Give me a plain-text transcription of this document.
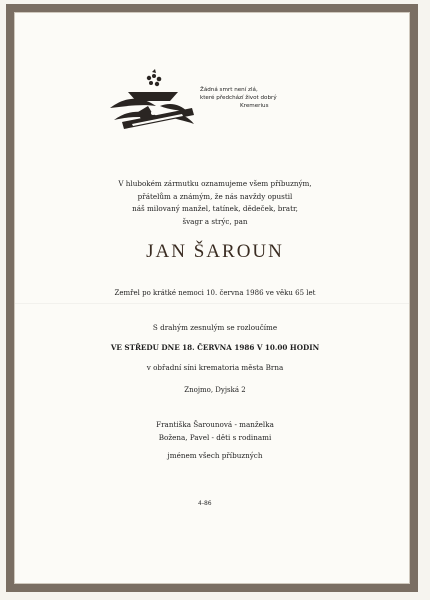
Žádná smrt není zlá,
které předchází život dobrý

Kremerius
V hlubokém zármutku oznamujeme všem příbuzným,
přátelům a známým, že nás navždy opustil
náš milovaný manžel, tatínek, dědeček, bratr,
švagr a strýc, pan
JAN ŠAROUN
Zemřel po krátké nemoci 10. června 1986 ve věku 65 let
S drahým zesnulým se rozloučíme
VE STŘEDU DNE 18. ČERVNA 1986 V 10.00 HODIN
v obřadní síni krematoria města Brna
Znojmo, Dyjská 2
Františka Šarounová - manželka
Božena, Pavel - děti s rodinami
jménem všech příbuzných
4-86
